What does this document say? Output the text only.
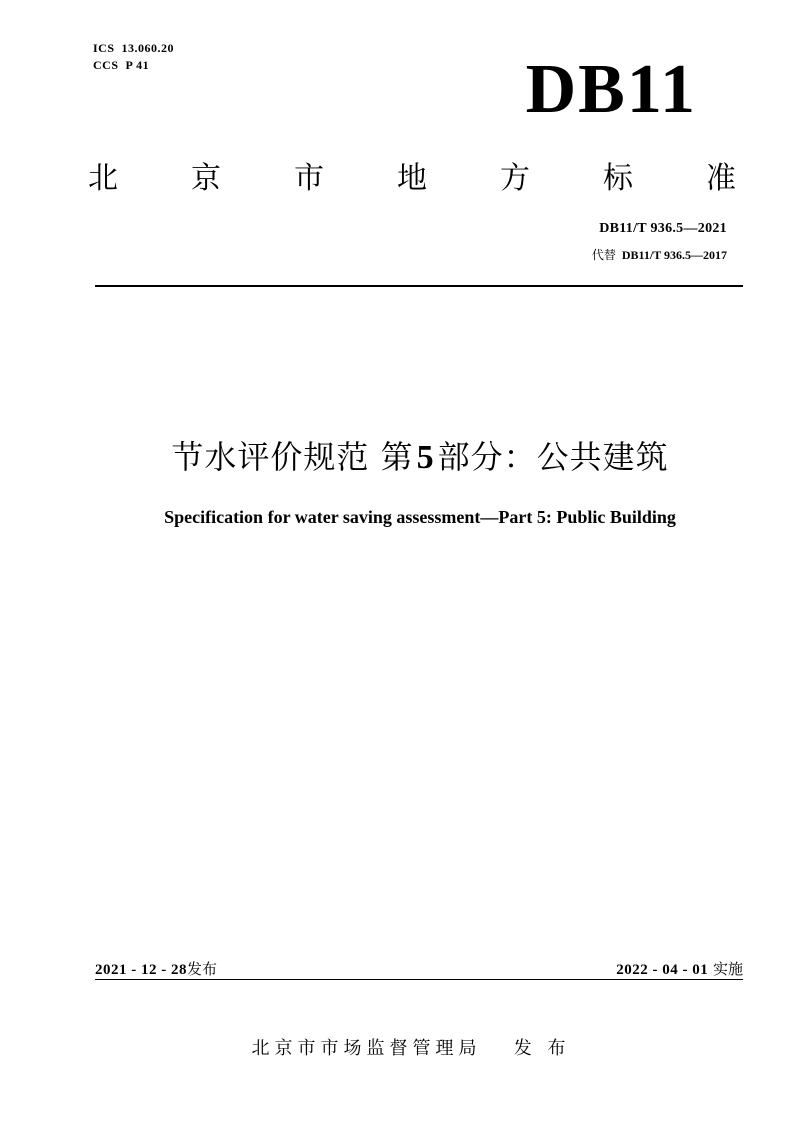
ICS  13.060.20
CCS  P 41	DB11
北 京 市 地 方 标 准
DB11/T 936.5—2021
代替 DB11/T 936.5—2017
节水评价规范 第5部分：公共建筑
Specification for water saving assessment—Part 5: Public Building
2021 - 12 - 28发布	2022 - 04 - 01 实施
北京市市场监督管理局 发 布
